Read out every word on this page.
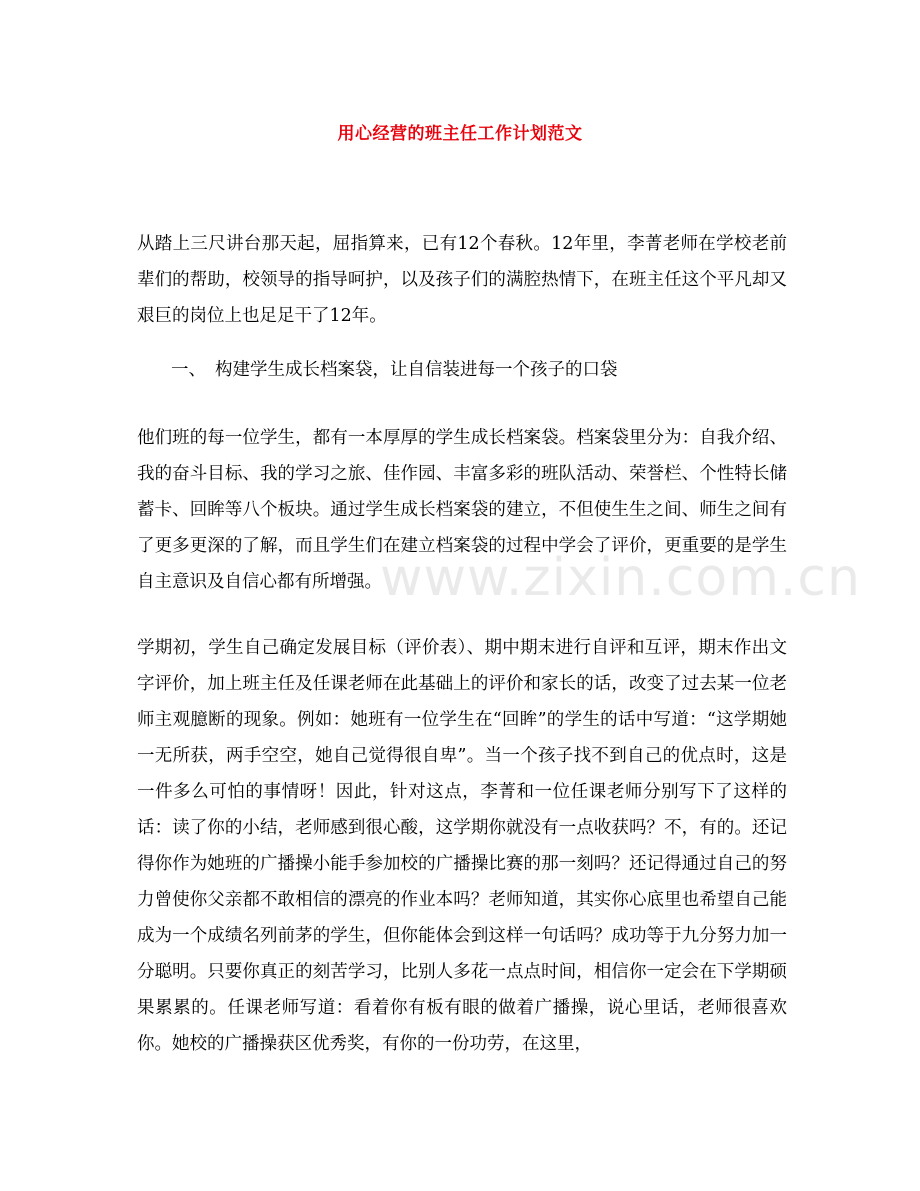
用心经营的班主任工作计划范文

从踏上三尺讲台那天起，屈指算来，已有12个春秋。12年里，李菁老师在学校老前辈们的帮助，校领导的指导呵护，以及孩子们的满腔热情下，在班主任这个平凡却又艰巨的岗位上也足足干了12年。

一、 构建学生成长档案袋，让自信装进每一个孩子的口袋

他们班的每一位学生，都有一本厚厚的学生成长档案袋。档案袋里分为：自我介绍、我的奋斗目标、我的学习之旅、佳作园、丰富多彩的班队活动、荣誉栏、个性特长储蓄卡、回眸等八个板块。通过学生成长档案袋的建立，不但使生生之间、师生之间有了更多更深的了解，而且学生们在建立档案袋的过程中学会了评价，更重要的是学生自主意识及自信心都有所增强。

学期初，学生自己确定发展目标（评价表）、期中期末进行自评和互评，期末作出文字评价，加上班主任及任课老师在此基础上的评价和家长的话，改变了过去某一位老师主观臆断的现象。例如：她班有一位学生在“回眸”的学生的话中写道：“这学期她一无所获，两手空空，她自己觉得很自卑”。当一个孩子找不到自己的优点时，这是一件多么可怕的事情呀！因此，针对这点，李菁和一位任课老师分别写下了这样的话：读了你的小结，老师感到很心酸，这学期你就没有一点收获吗？不，有的。还记得你作为她班的广播操小能手参加校的广播操比赛的那一刻吗？还记得通过自己的努力曾使你父亲都不敢相信的漂亮的作业本吗？老师知道，其实你心底里也希望自己能成为一个成绩名列前茅的学生，但你能体会到这样一句话吗？成功等于九分努力加一分聪明。只要你真正的刻苦学习，比别人多花一点点时间，相信你一定会在下学期硕果累累的。任课老师写道：看着你有板有眼的做着广播操，说心里话，老师很喜欢你。她校的广播操获区优秀奖，有你的一份功劳，在这里，

www.zixin.com.cn
